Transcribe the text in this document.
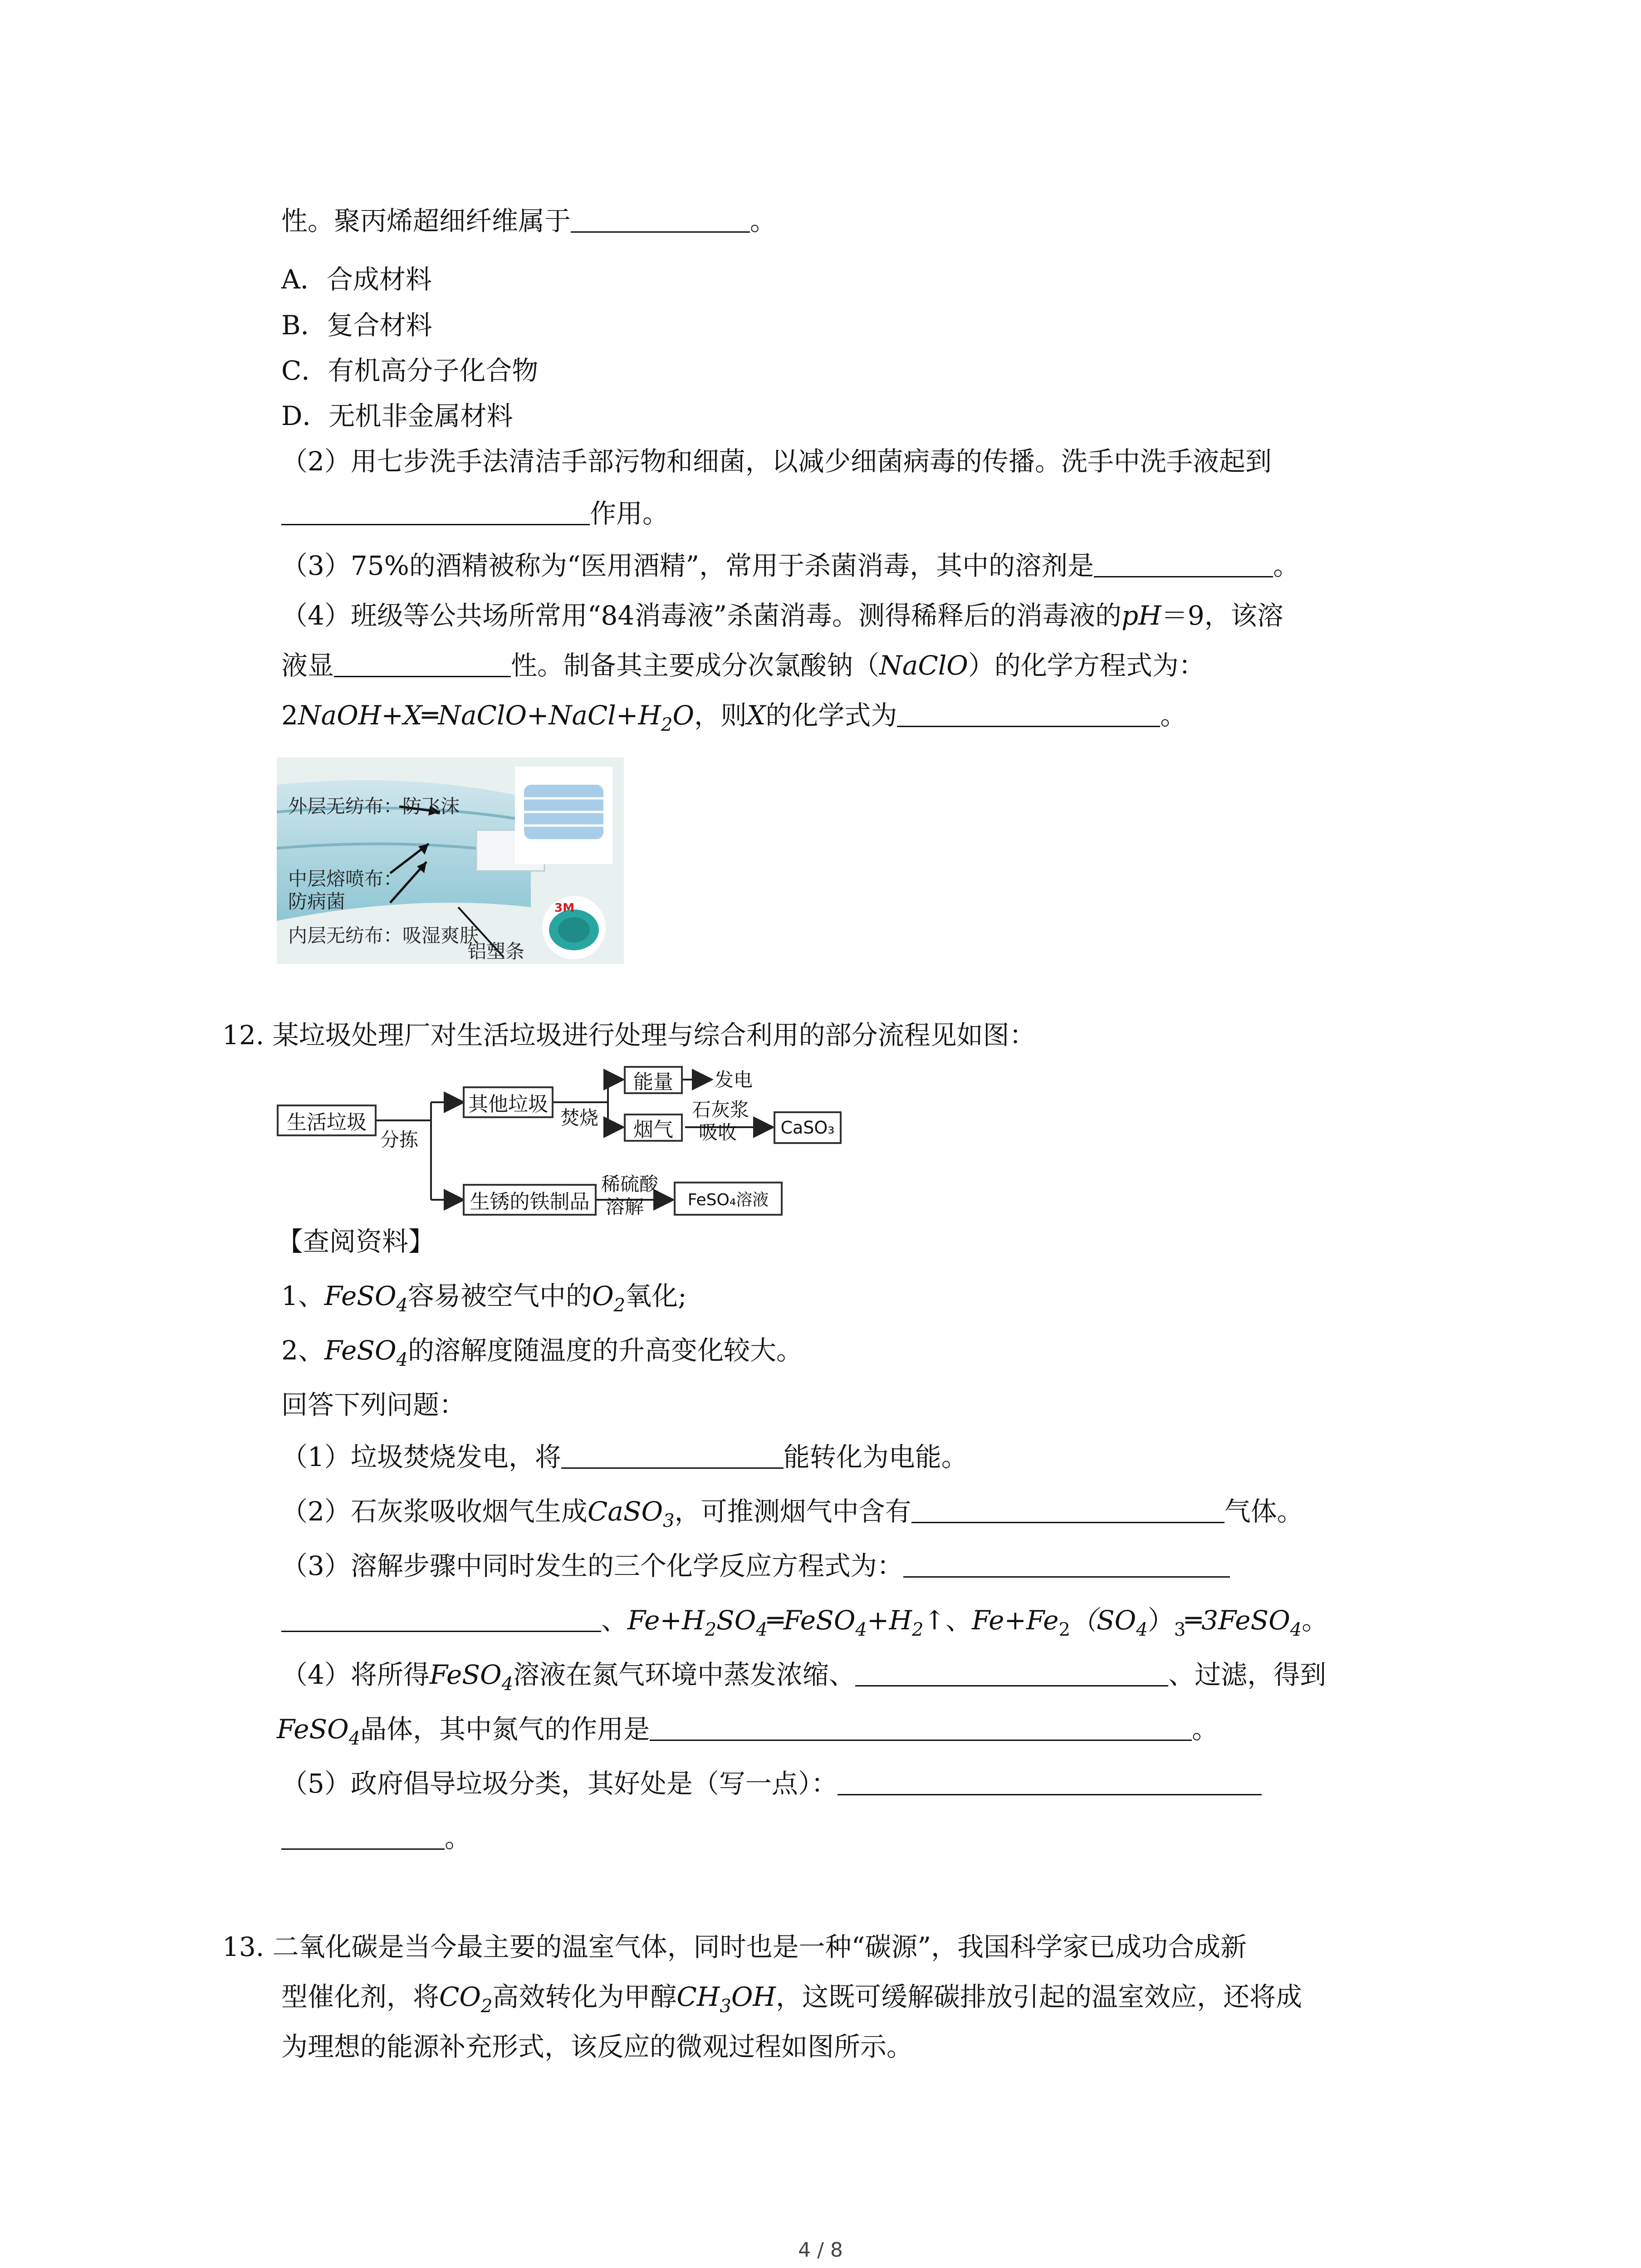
性。聚丙烯超细纤维属于	。
A．合成材料
B．复合材料
C．有机高分子化合物
D．无机非金属材料
（2）用七步洗手法清洁手部污物和细菌，以减少细菌病毒的传播。洗手中洗手液起到
作用。
（3）75%的酒精被称为“医用酒精”，常用于杀菌消毒，其中的溶剂是	。
（4）班级等公共场所常用“84消毒液”杀菌消毒。测得稀释后的消毒液的pH＝9，该溶
液显	性。制备其主要成分次氯酸钠（NaClO）的化学方程式为：
$2NaOH+X═NaClO+NaCl+H_2O$，则X的化学式为	。
3M
外层无纺布：防飞沫
中层熔喷布：
防病菌
内层无纺布：吸湿爽肤
铝塑条
12. 某垃圾处理厂对生活垃圾进行处理与综合利用的部分流程见如图：
生活垃圾
分拣
其他垃圾
焚烧
能量	发电
烟气
石灰浆
吸收	CaSO₃
生锈的铁制品
稀硫酸
溶解	FeSO₄溶液
【查阅资料】
1、FeSO$_4$容易被空气中的$O_2$氧化;
2、FeSO$_4$的溶解度随温度的升高变化较大。
回答下列问题：
（1）垃圾焚烧发电，将	能转化为电能。
（2）石灰浆吸收烟气生成CaSO$_3$，可推测烟气中含有	气体。
（3）溶解步骤中同时发生的三个化学反应方程式为：
、$Fe+H_2SO_4═FeSO_4+H_2↑$、$Fe+Fe_2(SO_4)_3═3FeSO_4$。
（4）将所得FeSO$_4$溶液在氮气环境中蒸发浓缩、	、过滤，得到
FeSO$_4$晶体，其中氮气的作用是	。
（5）政府倡导垃圾分类，其好处是（写一点）：
。
13. 二氧化碳是当今最主要的温室气体，同时也是一种“碳源”，我国科学家已成功合成新
型催化剂，将$CO_2$高效转化为甲醇$CH_3OH$，这既可缓解碳排放引起的温室效应，还将成
为理想的能源补充形式，该反应的微观过程如图所示。
4 / 8
